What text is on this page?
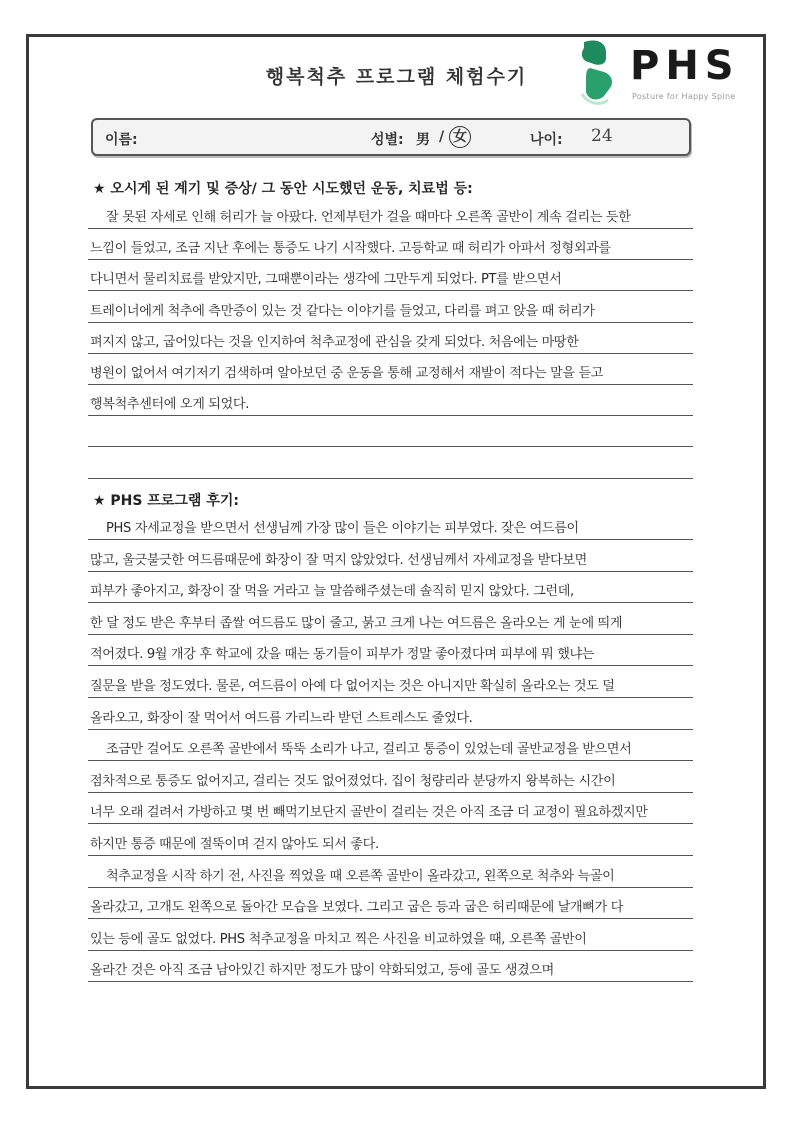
행복척추 프로그램 체험수기	PHS
Posture for Happy Spine
이름:	성별: 男 / 女	나이: 24
★ 오시게 된 계기 및 증상/ 그 동안 시도했던 운동, 치료법 등:
잘 못된 자세로 인해 허리가 늘 아팠다. 언제부턴가 걸을 때마다 오른쪽 골반이 계속 걸리는 듯한
느낌이 들었고, 조금 지난 후에는 통증도 나기 시작했다. 고등학교 때 허리가 아파서 정형외과를
다니면서 물리치료를 받았지만, 그때뿐이라는 생각에 그만두게 되었다. PT를 받으면서
트레이너에게 척추에 측만증이 있는 것 같다는 이야기를 들었고, 다리를 펴고 앉을 때 허리가
펴지지 않고, 굽어있다는 것을 인지하여 척추교정에 관심을 갖게 되었다. 처음에는 마땅한
병원이 없어서 여기저기 검색하며 알아보던 중 운동을 통해 교정해서 재발이 적다는 말을 듣고
행복척추센터에 오게 되었다.
★ PHS 프로그램 후기:
PHS 자세교정을 받으면서 선생님께 가장 많이 들은 이야기는 피부였다. 잦은 여드름이
많고, 울긋불긋한 여드름때문에 화장이 잘 먹지 않았었다. 선생님께서 자세교정을 받다보면
피부가 좋아지고, 화장이 잘 먹을 거라고 늘 말씀해주셨는데 솔직히 믿지 않았다. 그런데,
한 달 정도 받은 후부터 좁쌀 여드름도 많이 줄고, 붉고 크게 나는 여드름은 올라오는 게 눈에 띄게
적어졌다. 9월 개강 후 학교에 갔을 때는 동기들이 피부가 정말 좋아졌다며 피부에 뭐 했냐는
질문을 받을 정도였다. 물론, 여드름이 아예 다 없어지는 것은 아니지만 확실히 올라오는 것도 덜
올라오고, 화장이 잘 먹어서 여드름 가리느라 받던 스트레스도 줄었다.
조금만 걸어도 오른쪽 골반에서 뚝뚝 소리가 나고, 걸리고 통증이 있었는데 골반교정을 받으면서
점차적으로 통증도 없어지고, 걸리는 것도 없어졌었다. 집이 청량리라 분당까지 왕복하는 시간이
너무 오래 걸려서 가방하고 몇 번 빼먹기보단지 골반이 걸리는 것은 아직 조금 더 교정이 필요하겠지만
하지만 통증 때문에 절뚝이며 걷지 않아도 되서 좋다.
척추교정을 시작 하기 전, 사진을 찍었을 때 오른쪽 골반이 올라갔고, 왼쪽으로 척추와 늑골이
올라갔고, 고개도 왼쪽으로 돌아간 모습을 보였다. 그리고 굽은 등과 굽은 허리때문에 날개뼈가 다
있는 등에 골도 없었다. PHS 척추교정을 마치고 찍은 사진을 비교하였을 때, 오른쪽 골반이
올라간 것은 아직 조금 남아있긴 하지만 정도가 많이 약화되었고, 등에 골도 생겼으며
